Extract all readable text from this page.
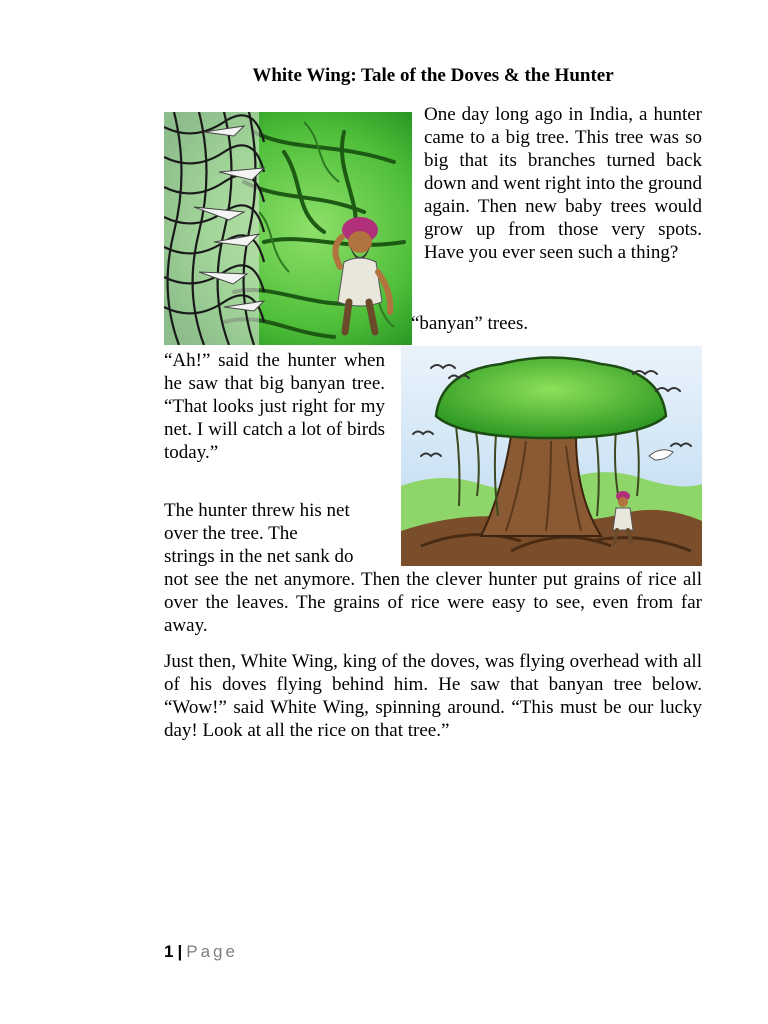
White Wing: Tale of the Doves & the Hunter

One day long ago in India, a hunter came to a big tree. This tree was so big that its branches turned back down and went right into the ground again. Then new baby trees would grow up from those very spots. Have you ever seen such a thing?

“banyan” trees.

“Ah!” said the hunter when he saw that big banyan tree. “That looks just right for my net. I will catch a lot of birds today.”

The hunter threw his net

over the tree. The

strings in the net sank do

not see the net anymore. Then the clever hunter put grains of rice all over the leaves. The grains of rice were easy to see, even from far away.

Just then, White Wing, king of the doves, was flying overhead with all of his doves flying behind him. He saw that banyan tree below. “Wow!” said White Wing, spinning around. “This must be our lucky day! Look at all the rice on that tree.”

1 | Page
